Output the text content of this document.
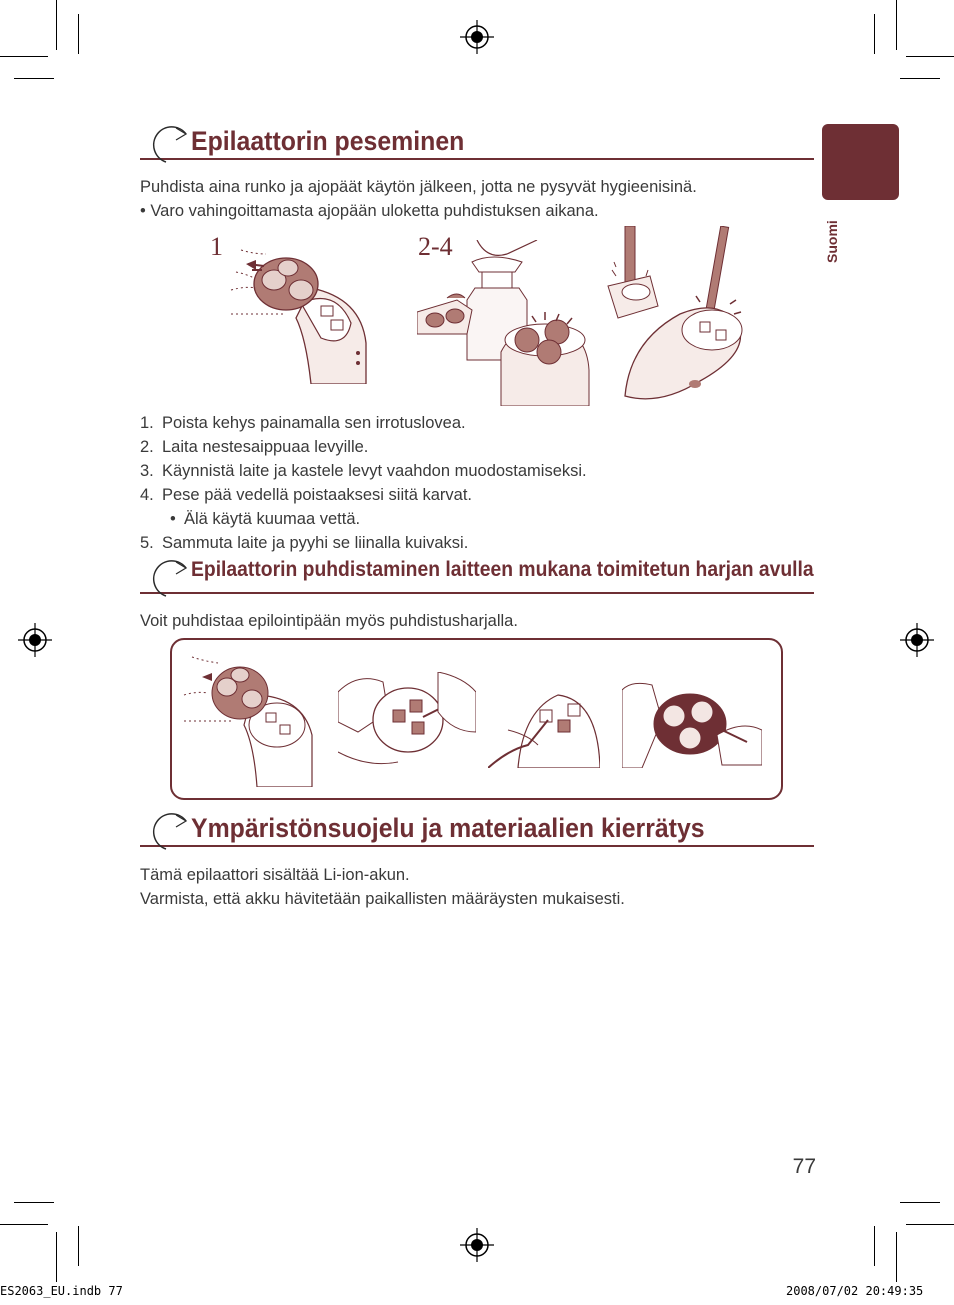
Suomi
Epilaattorin peseminen
Puhdista aina runko ja ajopäät käytön jälkeen, jotta ne pysyvät hygieenisinä.
• Varo vahingoittamasta ajopään uloketta puhdistuksen aikana.
1	2-4
1. Poista kehys painamalla sen irrotuslovea.
2. Laita nestesaippuaa levyille.
3. Käynnistä laite ja kastele levyt vaahdon muodostamiseksi.
4. Pese pää vedellä poistaaksesi siitä karvat.
• Älä käytä kuumaa vettä.
5. Sammuta laite ja pyyhi se liinalla kuivaksi.
Epilaattorin puhdistaminen laitteen mukana toimitetun harjan avulla
Voit puhdistaa epilointipään myös puhdistusharjalla.
Ympäristönsuojelu ja materiaalien kierrätys
Tämä epilaattori sisältää Li-ion-akun.
Varmista, että akku hävitetään paikallisten määräysten mukaisesti.
77
ES2063_EU.indb 77	2008/07/02 20:49:35
